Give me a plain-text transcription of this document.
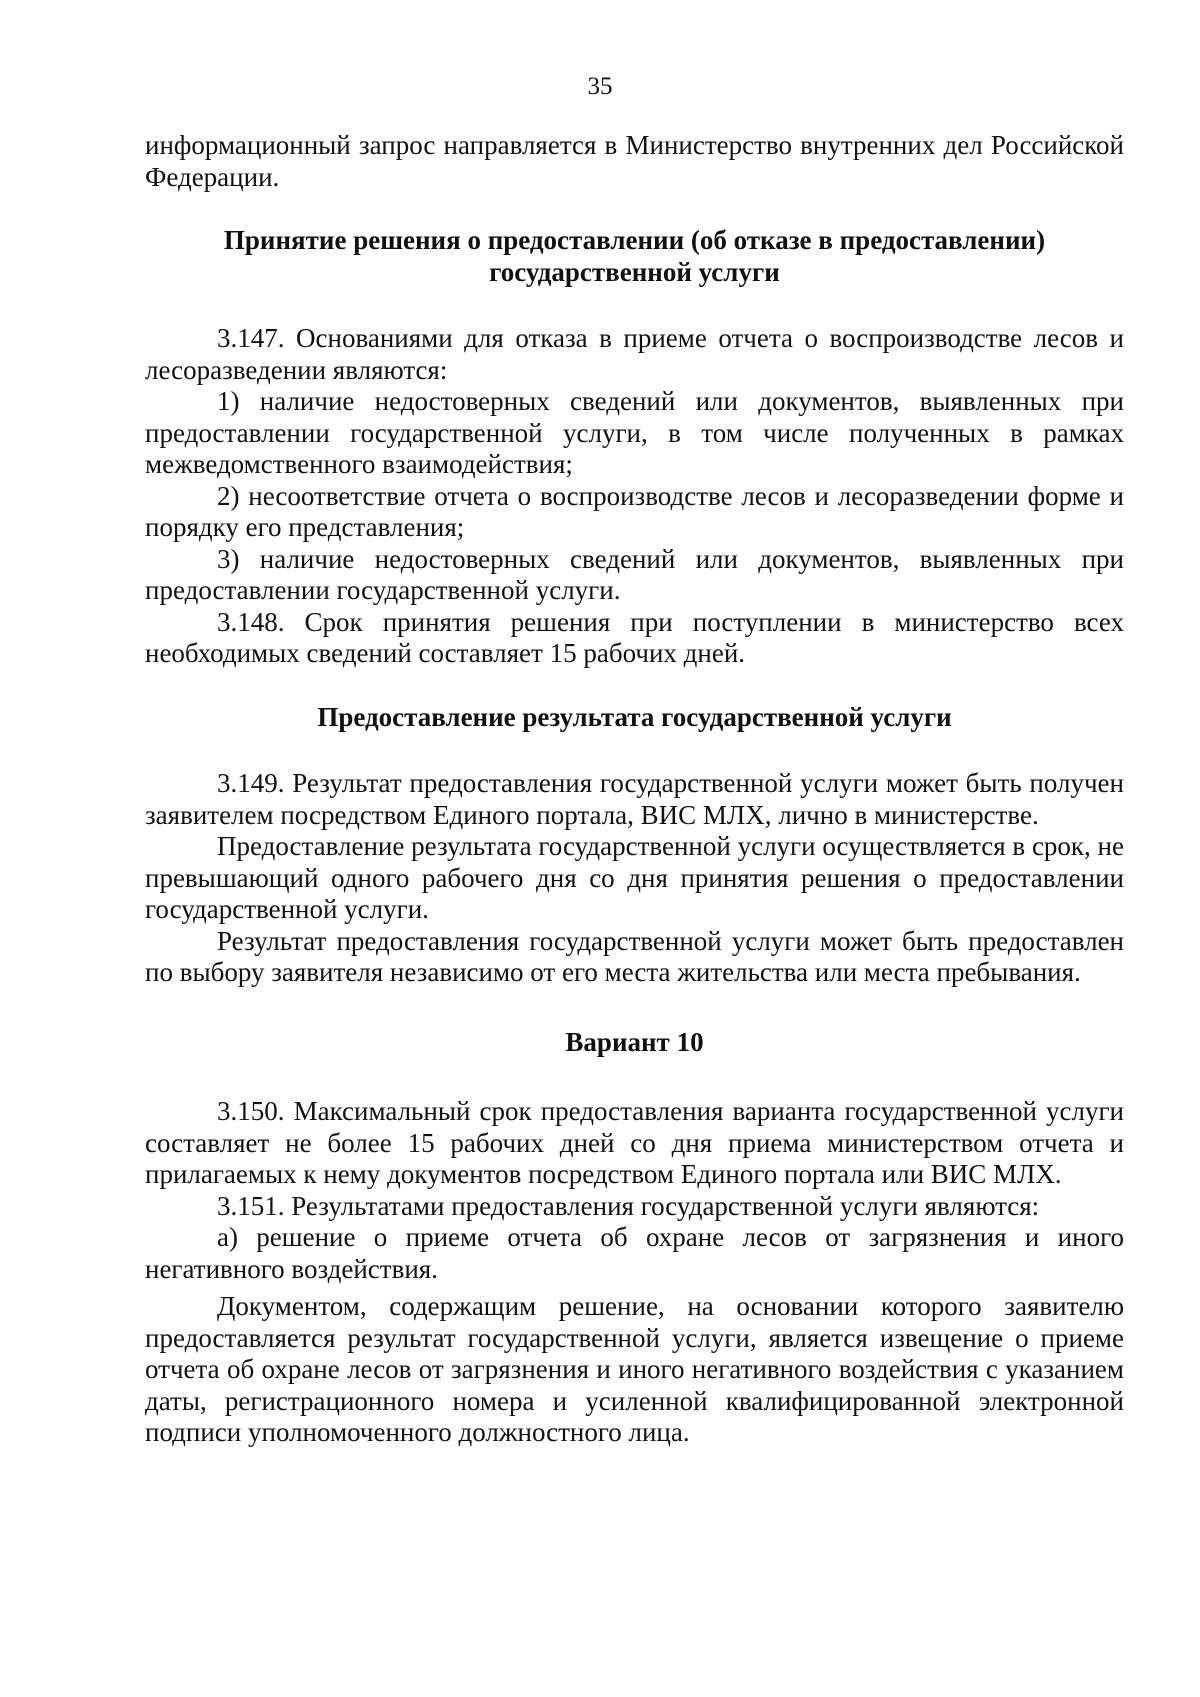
35

информационный запрос направляется в Министерство внутренних дел Российской Федерации.

Принятие решения о предоставлении (об отказе в предоставлении)
государственной услуги

3.147. Основаниями для отказа в приеме отчета о воспроизводстве лесов и лесоразведении являются:

1) наличие недостоверных сведений или документов, выявленных при предоставлении государственной услуги, в том числе полученных в рамках межведомственного взаимодействия;

2) несоответствие отчета о воспроизводстве лесов и лесоразведении форме и порядку его представления;

3) наличие недостоверных сведений или документов, выявленных при предоставлении государственной услуги.

3.148. Срок принятия решения при поступлении в министерство всех необходимых сведений составляет 15 рабочих дней.

Предоставление результата государственной услуги

3.149. Результат предоставления государственной услуги может быть получен заявителем посредством Единого портала, ВИС МЛХ, лично в министерстве.

Предоставление результата государственной услуги осуществляется в срок, не превышающий одного рабочего дня со дня принятия решения о предоставлении государственной услуги.

Результат предоставления государственной услуги может быть предоставлен по выбору заявителя независимо от его места жительства или места пребывания.

Вариант 10

3.150. Максимальный срок предоставления варианта государственной услуги составляет не более 15 рабочих дней со дня приема министерством отчета и прилагаемых к нему документов посредством Единого портала или ВИС МЛХ.

3.151. Результатами предоставления государственной услуги являются:

а) решение о приеме отчета об охране лесов от загрязнения и иного негативного воздействия.

Документом, содержащим решение, на основании которого заявителю предоставляется результат государственной услуги, является извещение о приеме отчета об охране лесов от загрязнения и иного негативного воздействия с указанием даты, регистрационного номера и усиленной квалифицированной электронной подписи уполномоченного должностного лица.
